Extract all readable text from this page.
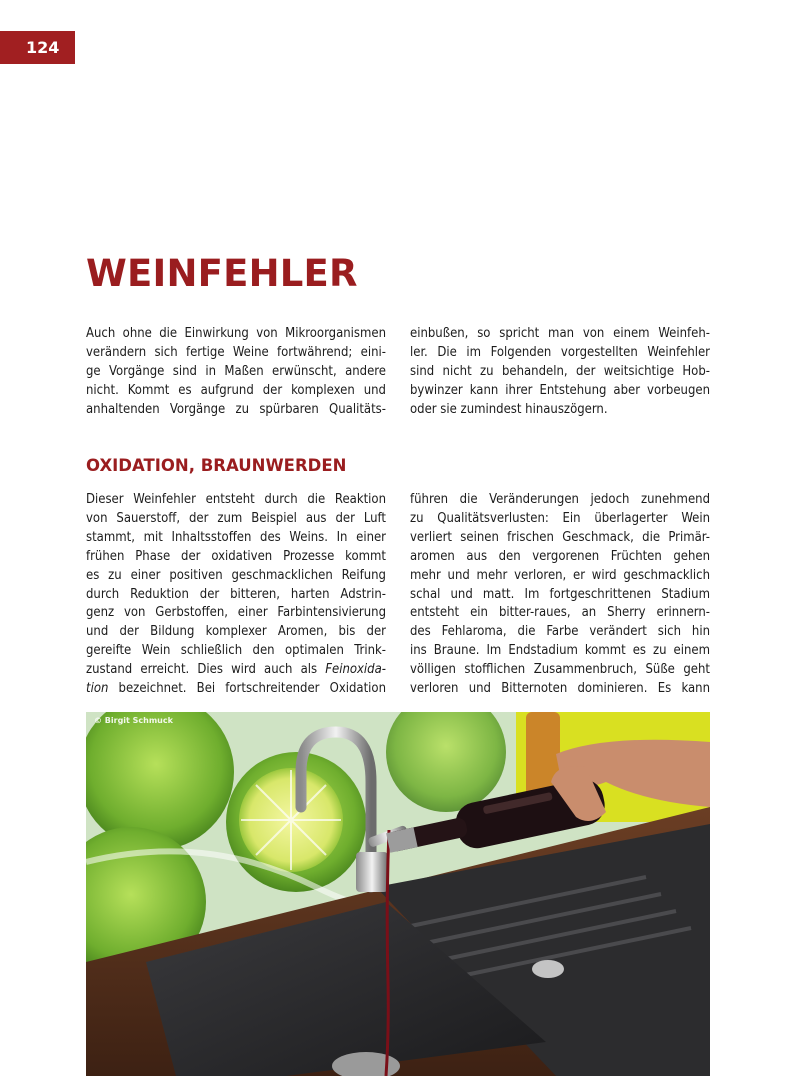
124
WEINFEHLER

Auch ohne die Einwirkung von Mikroorganismen
verändern sich fertige Weine fortwährend; eini-
ge Vorgänge sind in Maßen erwünscht, andere
nicht. Kommt es aufgrund der komplexen und
anhaltenden Vorgänge zu spürbaren Qualitäts-

einbußen, so spricht man von einem Weinfeh-
ler. Die im Folgenden vorgestellten Weinfehler
sind nicht zu behandeln, der weitsichtige Hob-
bywinzer kann ihrer Entstehung aber vorbeugen
oder sie zumindest hinauszögern.

OXIDATION, BRAUNWERDEN

Dieser Weinfehler entsteht durch die Reaktion
von Sauerstoff, der zum Beispiel aus der Luft
stammt, mit Inhaltsstoffen des Weins. In einer
frühen Phase der oxidativen Prozesse kommt
es zu einer positiven geschmacklichen Reifung
durch Reduktion der bitteren, harten Adstrin-
genz von Gerbstoffen, einer Farbintensivierung
und der Bildung komplexer Aromen, bis der
gereifte Wein schließlich den optimalen Trink-
zustand erreicht. Dies wird auch als Feinoxida-
tion bezeichnet. Bei fortschreitender Oxidation

führen die Veränderungen jedoch zunehmend
zu Qualitätsverlusten: Ein überlagerter Wein
verliert seinen frischen Geschmack, die Primär-
aromen aus den vergorenen Früchten gehen
mehr und mehr verloren, er wird geschmacklich
schal und matt. Im fortgeschrittenen Stadium
entsteht ein bitter-raues, an Sherry erinnern-
des Fehlaroma, die Farbe verändert sich hin
ins Braune. Im Endstadium kommt es zu einem
völligen stofflichen Zusammenbruch, Süße geht
verloren und Bitternoten dominieren. Es kann

© Birgit Schmuck
